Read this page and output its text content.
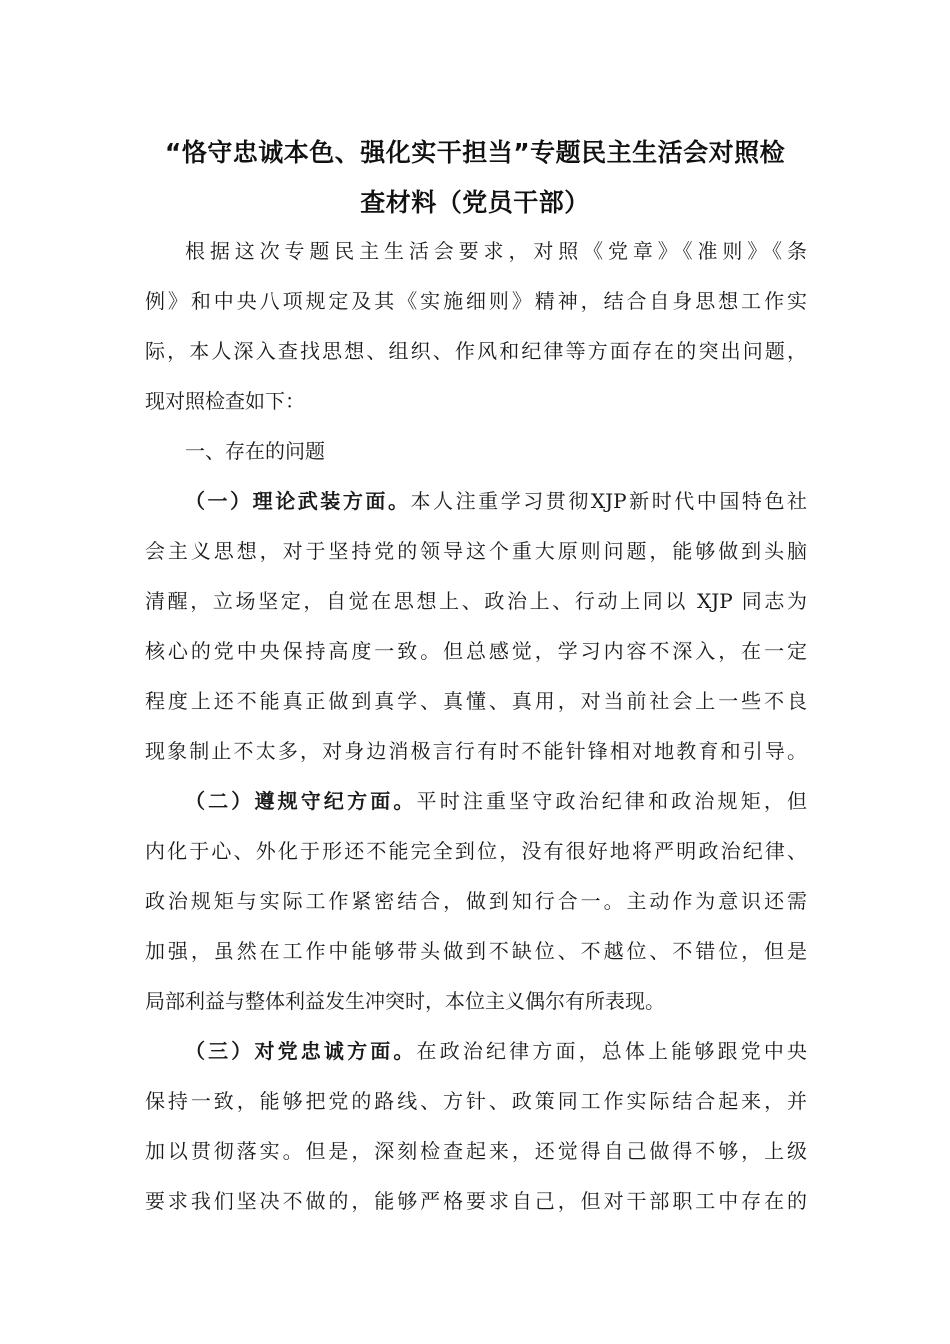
“恪守忠诚本色、强化实干担当”专题民主生活会对照检
查材料（党员干部）
根据这次专题民主生活会要求，对照《党章》《准则》《条
例》和中央八项规定及其《实施细则》精神，结合自身思想工作实
际，本人深入查找思想、组织、作风和纪律等方面存在的突出问题，
现对照检查如下：
一、存在的问题
（一）理论武装方面。本人注重学习贯彻XJP新时代中国特色社
会主义思想，对于坚持党的领导这个重大原则问题，能够做到头脑
清醒，立场坚定，自觉在思想上、政治上、行动上同以 XJP 同志为
核心的党中央保持高度一致。但总感觉，学习内容不深入，在一定
程度上还不能真正做到真学、真懂、真用，对当前社会上一些不良
现象制止不太多，对身边消极言行有时不能针锋相对地教育和引导。
（二）遵规守纪方面。平时注重坚守政治纪律和政治规矩，但
内化于心、外化于形还不能完全到位，没有很好地将严明政治纪律、
政治规矩与实际工作紧密结合，做到知行合一。主动作为意识还需
加强，虽然在工作中能够带头做到不缺位、不越位、不错位，但是
局部利益与整体利益发生冲突时，本位主义偶尔有所表现。
（三）对党忠诚方面。在政治纪律方面，总体上能够跟党中央
保持一致，能够把党的路线、方针、政策同工作实际结合起来，并
加以贯彻落实。但是，深刻检查起来，还觉得自己做得不够，上级
要求我们坚决不做的，能够严格要求自己，但对干部职工中存在的
